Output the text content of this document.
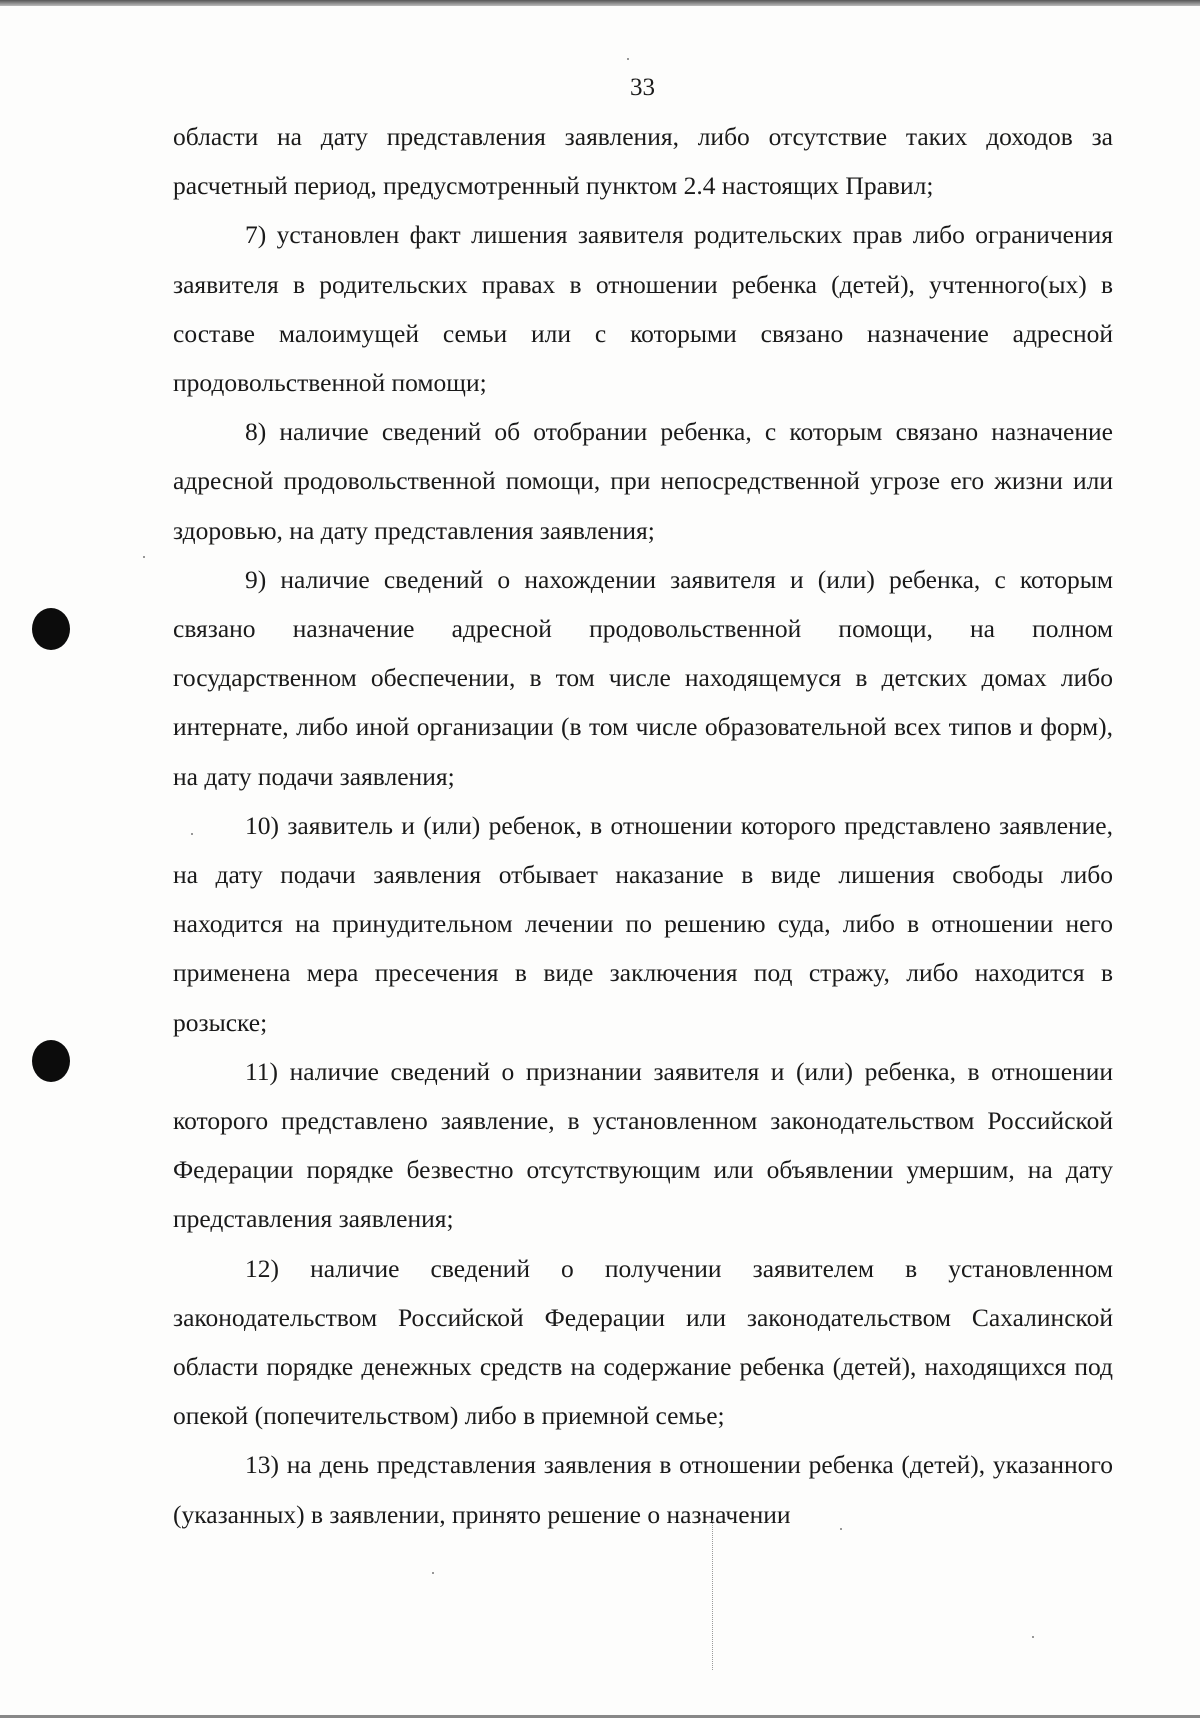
33

области на дату представления заявления, либо отсутствие таких доходов за расчетный период, предусмотренный пунктом 2.4 настоящих Правил;

7) установлен факт лишения заявителя родительских прав либо ограничения заявителя в родительских правах в отношении ребенка (детей), учтенного(ых) в составе малоимущей семьи или с которыми связано назначение адресной продовольственной помощи;

8) наличие сведений об отобрании ребенка, с которым связано назначение адресной продовольственной помощи, при непосредственной угрозе его жизни или здоровью, на дату представления заявления;

9) наличие сведений о нахождении заявителя и (или) ребенка, с которым связано назначение адресной продовольственной помощи, на полном государственном обеспечении, в том числе находящемуся в детских домах либо интернате, либо иной организации (в том числе образовательной всех типов и форм), на дату подачи заявления;

10) заявитель и (или) ребенок, в отношении которого представлено заявление, на дату подачи заявления отбывает наказание в виде лишения свободы либо находится на принудительном лечении по решению суда, либо в отношении него применена мера пресечения в виде заключения под стражу, либо находится в розыске;

11) наличие сведений о признании заявителя и (или) ребенка, в отношении которого представлено заявление, в установленном законодательством Российской Федерации порядке безвестно отсутствующим или объявлении умершим, на дату представления заявления;

12) наличие сведений о получении заявителем в установленном законодательством Российской Федерации или законодательством Сахалинской области порядке денежных средств на содержание ребенка (детей), находящихся под опекой (попечительством) либо в приемной семье;

13) на день представления заявления в отношении ребенка (детей), указанного (указанных) в заявлении, принято решение о назначении
